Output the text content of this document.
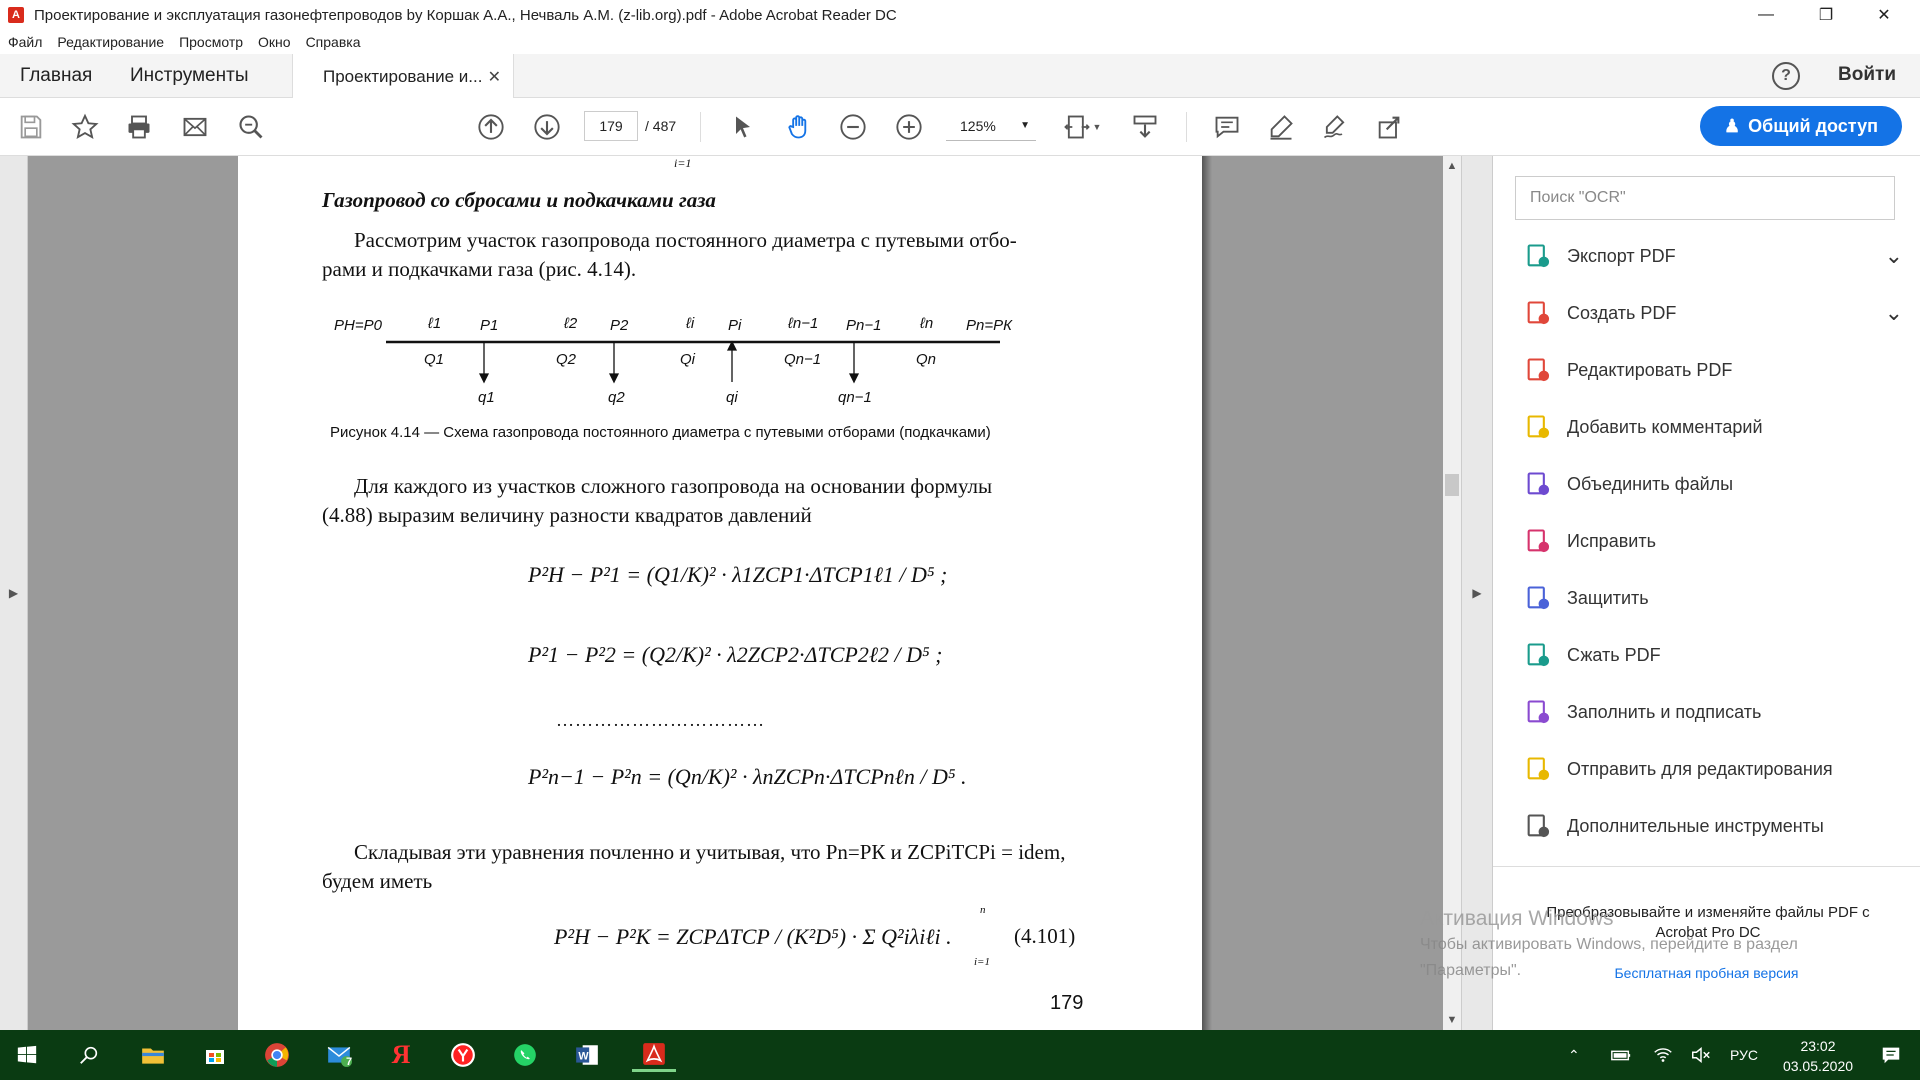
A Проектирование и эксплуатация газонефтепроводов by Коршак А.А., Нечваль А.М. (z-lib.org).pdf - Adobe Acrobat Reader DC	—	❐	✕
Файл Редактирование Просмотр Окно Справка
Главная Инструменты	Проектирование и... ✕	?	Войти
179	/ 487	125% ▼	▼	♟ Общий доступ
▶
i=1
Газопровод со сбросами и подкачками газа
Рассмотрим участок газопровода постоянного диаметра с путевыми отбо-
рами и подкачками газа (рис. 4.14).
PН=P0	ℓ1	P1	ℓ2 P2	ℓi Pi	ℓn−1 Pn−1	ℓn Pn=PК
Q1	Q2	Qi	Qn−1	Qn
q1	q2	qi	qn−1
Рисунок 4.14 — Схема газопровода постоянного диаметра с путевыми отборами (подкачками)
Для каждого из участков сложного газопровода на основании формулы
(4.88) выразим величину разности квадратов давлений
P²Н − P²1 = (Q1/K)² · λ1ZCP1·ΔTCP1ℓ1 / D⁵ ;
P²1 − P²2 = (Q2/K)² · λ2ZCP2·ΔTCP2ℓ2 / D⁵ ;
……………………………
P²n−1 − P²n = (Qn/K)² · λnZCPn·ΔTCPnℓn / D⁵ .
Складывая эти уравнения почленно и учитывая, что Pn=PК и ZCPiTCPi = idem,
будем иметь
P²Н − P²К = ZCPΔTCP / (K²D⁵) · Σ Q²iλiℓi .
n
i=1
(4.101)
179
▲
▼
▶
Поиск "OCR"
Экспорт PDF	⌄
Создать PDF	⌄
Редактировать PDF
Добавить комментарий
Объединить файлы
Исправить
Защитить
Сжать PDF
Заполнить и подписать
Отправить для редактирования
Дополнительные инструменты
Преобразовывайте и изменяйте файлы PDF с Acrobat Pro DC
Бесплатная пробная версия
Активация Windows
Чтобы активировать Windows, перейдите в раздел
"Параметры".
7 Я	W	⌃	РУС
23:02
03.05.2020
